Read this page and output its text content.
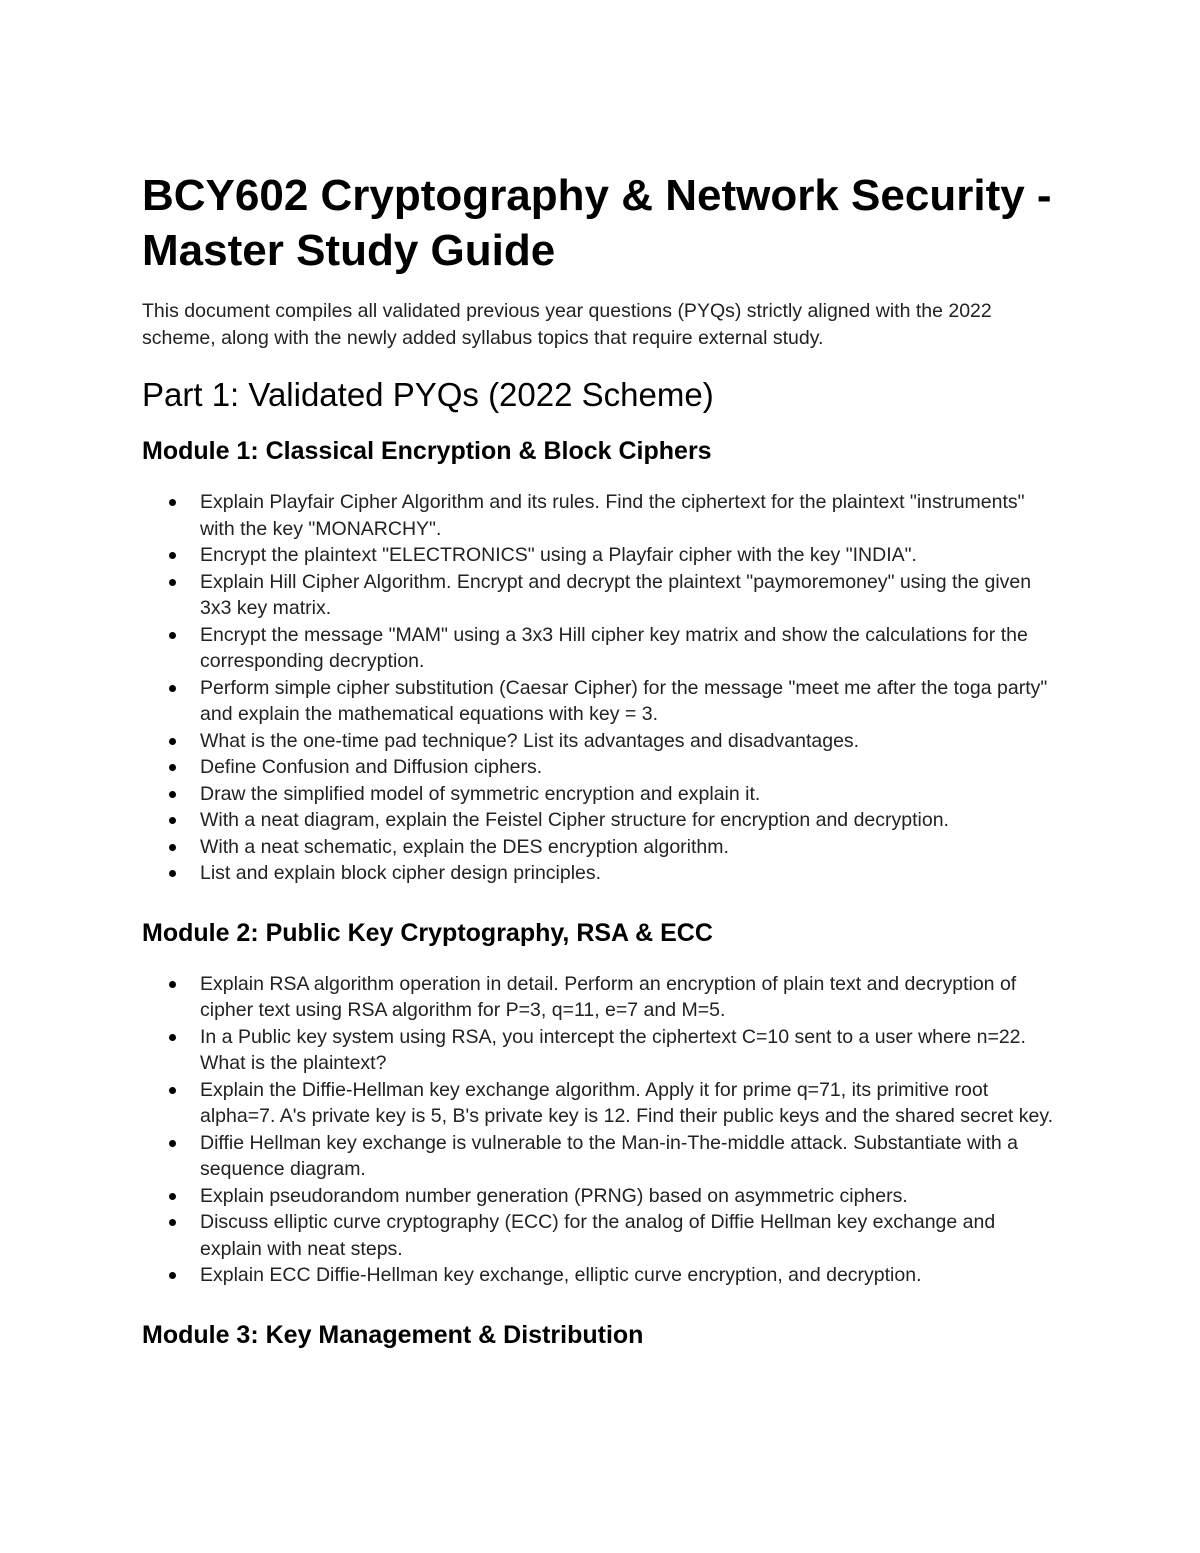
BCY602 Cryptography & Network Security - Master Study Guide

This document compiles all validated previous year questions (PYQs) strictly aligned with the 2022 scheme, along with the newly added syllabus topics that require external study.

Part 1: Validated PYQs (2022 Scheme)
Module 1: Classical Encryption & Block Ciphers
Explain Playfair Cipher Algorithm and its rules. Find the ciphertext for the plaintext "instruments" with the key "MONARCHY".
Encrypt the plaintext "ELECTRONICS" using a Playfair cipher with the key "INDIA".
Explain Hill Cipher Algorithm. Encrypt and decrypt the plaintext "paymoremoney" using the given 3x3 key matrix.
Encrypt the message "MAM" using a 3x3 Hill cipher key matrix and show the calculations for the corresponding decryption.
Perform simple cipher substitution (Caesar Cipher) for the message "meet me after the toga party" and explain the mathematical equations with key = 3.
What is the one-time pad technique? List its advantages and disadvantages.
Define Confusion and Diffusion ciphers.
Draw the simplified model of symmetric encryption and explain it.
With a neat diagram, explain the Feistel Cipher structure for encryption and decryption.
With a neat schematic, explain the DES encryption algorithm.
List and explain block cipher design principles.
Module 2: Public Key Cryptography, RSA & ECC
Explain RSA algorithm operation in detail. Perform an encryption of plain text and decryption of cipher text using RSA algorithm for P=3, q=11, e=7 and M=5.
In a Public key system using RSA, you intercept the ciphertext C=10 sent to a user where n=22. What is the plaintext?
Explain the Diffie-Hellman key exchange algorithm. Apply it for prime q=71, its primitive root alpha=7. A's private key is 5, B's private key is 12. Find their public keys and the shared secret key.
Diffie Hellman key exchange is vulnerable to the Man-in-The-middle attack. Substantiate with a sequence diagram.
Explain pseudorandom number generation (PRNG) based on asymmetric ciphers.
Discuss elliptic curve cryptography (ECC) for the analog of Diffie Hellman key exchange and explain with neat steps.
Explain ECC Diffie-Hellman key exchange, elliptic curve encryption, and decryption.
Module 3: Key Management & Distribution
